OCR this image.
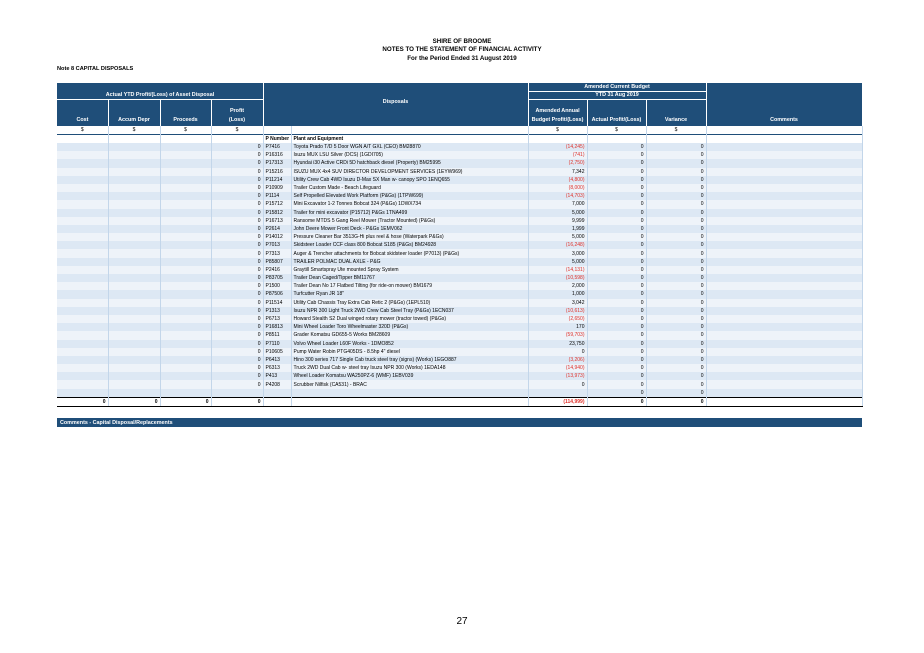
SHIRE OF BROOME
NOTES TO THE STATEMENT OF FINANCIAL ACTIVITY
For the Period Ended 31 August 2019
Note 8 CAPITAL DISPOSALS
Actual YTD Profit/(Loss) of Asset Disposal
Disposals
Amended Current Budget
YTD 31 Aug 2019
Cost	Accum Depr	Proceeds
Profit
(Loss)
Amended Annual
Budget Profit/(Loss)	Actual Profit/(Loss)	Variance	Comments
$	$	$	$			$	$	$	
				P Number	Plant and Equipment				
			0	P7416	Toyota Prado T/D 5 Door WGN A/T GXL (CEO) BM28870	(14,245)	0	0	
			0	P16316	Isuzu MUX LSU Silver (DCS) (1GDI705)	(741)	0	0	
			0	P17313	Hyundai i30 Active CRDi 5D hatchback diesel (Property) BM25995	(2,750)	0	0	
			0	P15216	ISUZU MUX 4x4 SUV DIRECTOR DEVELOPMENT SERVICES (1EYW969)	7,342	0	0	
			0	P11214	Utility Crew Cab 4WD Isuzu D-Max SX Man w- canopy SPO 1ENQ655	(4,800)	0	0	
			0	P10909	Trailer Custom Made - Beach Lifeguard	(8,000)	0	0	
			0	P1114	Self Propelled Elevated Work Platform (P&Gs) (1TPW699)	(14,703)	0	0	
			0	P15712	Mini Excavator 1-2 Tonnes Bobcat 324 (P&Gs) 1DWX734	7,000	0	0	
			0	P15812	Trailer for mini excavator (P15712) P&Gs 1TNA499	5,000	0	0	
			0	P16713	Ransome MTDS 5 Gang Reel Mower (Tractor Mounted) (P&Gs)	9,999	0	0	
			0	P2614	John Deere Mower Front Deck - P&Gs 1EMV062	1,999	0	0	
			0	P14012	Pressure Cleaner Bar 3513G-Hi plus reel & hose (Waterpark P&Gs)	5,000	0	0	
			0	P7013	Skidsteer Loader CCF class 800 Bobcat S185 (P&Gs) BM24928	(16,248)	0	0	
			0	P7313	Auger & Trencher attachments for Bobcat skidsteer loader (P7013) (P&Gs)	3,000	0	0	
			0	P85807	TRAILER POLMAC DUAL AXLE - P&G	5,000	0	0	
			0	P2416	Graytill Smartspray Ute mounted Spray System	(14,131)	0	0	
			0	P83705	Trailer Dean Caged/Tipper BM11767	(10,598)	0	0	
			0	P1500	Trailer Dean No 17 Flatbed Tilting (for ride-on mower) BM1679	2,000	0	0	
			0	P87506	Turfcutter Ryan JR 18"	1,000	0	0	
			0	P11514	Utility Cab Chassis Tray Extra Cab Retic 2 (P&Gs) (1EPL510)	3,042	0	0	
			0	P1313	Isuzu NPR 300 Light Truck 2WD Crew Cab Steel Tray (P&Gs) 1ECN037	(10,613)	0	0	
			0	P6713	Howard Stealth S2 Dual winged rotary mower (tractor towed) (P&Gs)	(2,650)	0	0	
			0	P16813	Mini Wheel Loader Toro Wheelmaster 320D (P&Gs)	170	0	0	
			0	P8511	Grader Komatsu GD655-5 Works BM28609	(59,703)	0	0	
			0	P7110	Volvo Wheel Loader L60F Works - 1DMO852	23,750	0	0	
			0	P10605	Pump Water Robin PTG405DS - 8.5hp 4" diesel	0	0	0	
			0	P6413	Hino 300 series 717 Single Cab truck steel tray (signs) (Works) 1EGO887	(3,206)	0	0	
			0	P6313	Truck 2WD Dual Cab w- steel tray Isuzu NPR 300 (Works) 1EDA148	(14,940)	0	0	
			0	P413	Wheel Loader Komatsu WA250PZ-6 (WMF) 1EBV039	(13,973)	0	0	
			0	P4208	Scrubber Nilfisk (CA531) - BRAC	0	0	0	
							0	0	
0	0	0	0			(114,999)	0	0	
Comments - Capital Disposal/Replacements
27
